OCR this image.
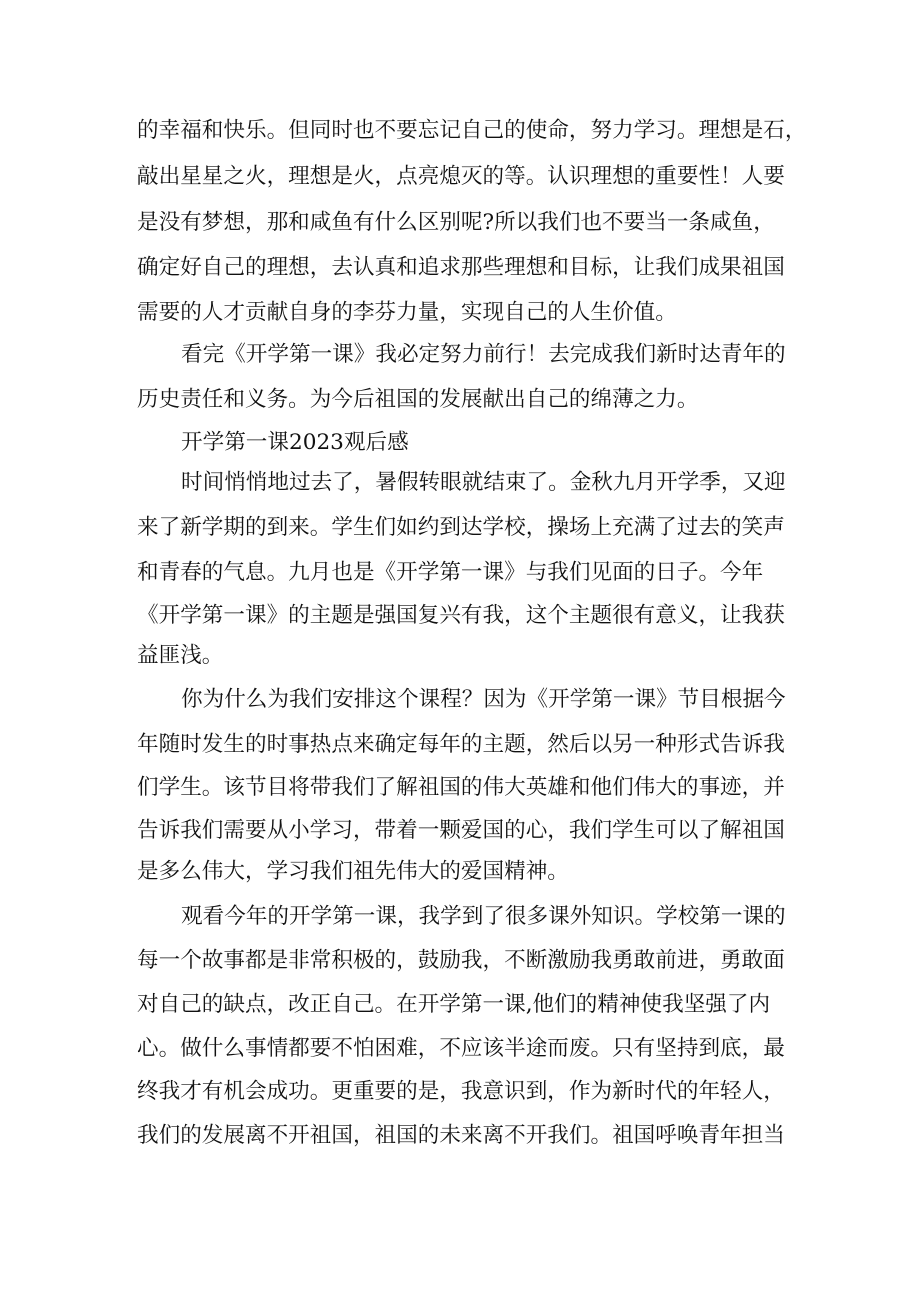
的幸福和快乐。但同时也不要忘记自己的使命，努力学习。理想是石，
敲出星星之火，理想是火，点亮熄灭的等。认识理想的重要性！人要
是没有梦想，那和咸鱼有什么区别呢?所以我们也不要当一条咸鱼，
确定好自己的理想，去认真和追求那些理想和目标，让我们成果祖国
需要的人才贡献自身的李芬力量，实现自己的人生价值。
看完《开学第一课》我必定努力前行！去完成我们新时达青年的
历史责任和义务。为今后祖国的发展献出自己的绵薄之力。
开学第一课2023观后感
时间悄悄地过去了，暑假转眼就结束了。金秋九月开学季，又迎
来了新学期的到来。学生们如约到达学校，操场上充满了过去的笑声
和青春的气息。九月也是《开学第一课》与我们见面的日子。今年
《开学第一课》的主题是强国复兴有我，这个主题很有意义，让我获
益匪浅。
你为什么为我们安排这个课程？因为《开学第一课》节目根据今
年随时发生的时事热点来确定每年的主题，然后以另一种形式告诉我
们学生。该节目将带我们了解祖国的伟大英雄和他们伟大的事迹，并
告诉我们需要从小学习，带着一颗爱国的心，我们学生可以了解祖国
是多么伟大，学习我们祖先伟大的爱国精神。
观看今年的开学第一课，我学到了很多课外知识。学校第一课的
每一个故事都是非常积极的，鼓励我，不断激励我勇敢前进，勇敢面
对自己的缺点，改正自己。在开学第一课,他们的精神使我坚强了内
心。做什么事情都要不怕困难，不应该半途而废。只有坚持到底，最
终我才有机会成功。更重要的是，我意识到，作为新时代的年轻人，
我们的发展离不开祖国，祖国的未来离不开我们。祖国呼唤青年担当
